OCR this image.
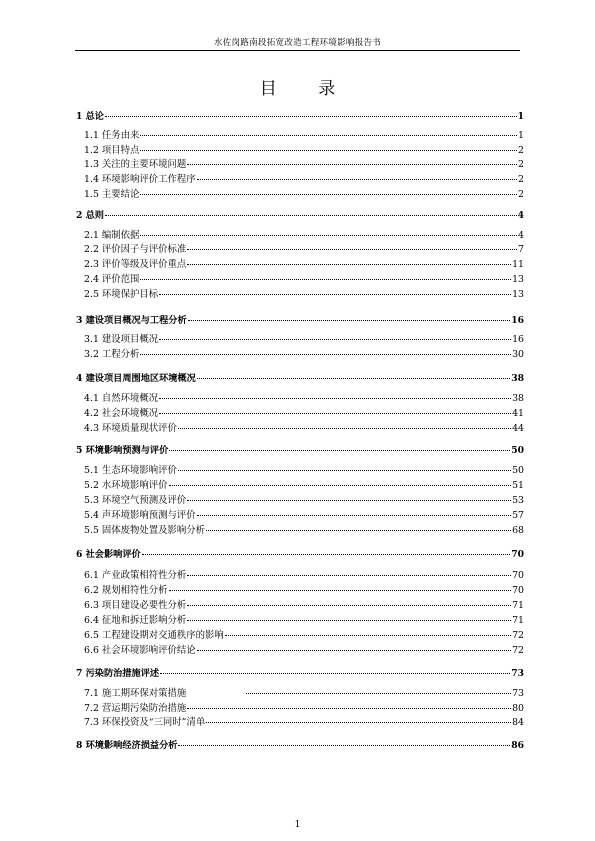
水佐岗路南段拓宽改造工程环境影响报告书
目 录
1 总论	1
1.1 任务由来	1
1.2 项目特点	2
1.3 关注的主要环境问题	2
1.4 环境影响评价工作程序	2
1.5 主要结论	2
2 总则	4
2.1 编制依据	4
2.2 评价因子与评价标准	7
2.3 评价等级及评价重点	11
2.4 评价范围	13
2.5 环境保护目标	13
3 建设项目概况与工程分析	16
3.1 建设项目概况	16
3.2 工程分析	30
4 建设项目周围地区环境概况	38
4.1 自然环境概况	38
4.2 社会环境概况	41
4.3 环境质量现状评价	44
5 环境影响预测与评价	50
5.1 生态环境影响评价	50
5.2 水环境影响评价	51
5.3 环境空气预测及评价	53
5.4 声环境影响预测与评价	57
5.5 固体废物处置及影响分析	68
6 社会影响评价	70
6.1 产业政策相符性分析	70
6.2 规划相符性分析	70
6.3 项目建设必要性分析	71
6.4 征地和拆迁影响分析	71
6.5 工程建设期对交通秩序的影响	72
6.6 社会环境影响评价结论	72
7 污染防治措施评述	73
7.1 施工期环保对策措施	73
7.2 营运期污染防治措施	80
7.3 环保投资及“三同时”清单	84
8 环境影响经济损益分析	86
1
